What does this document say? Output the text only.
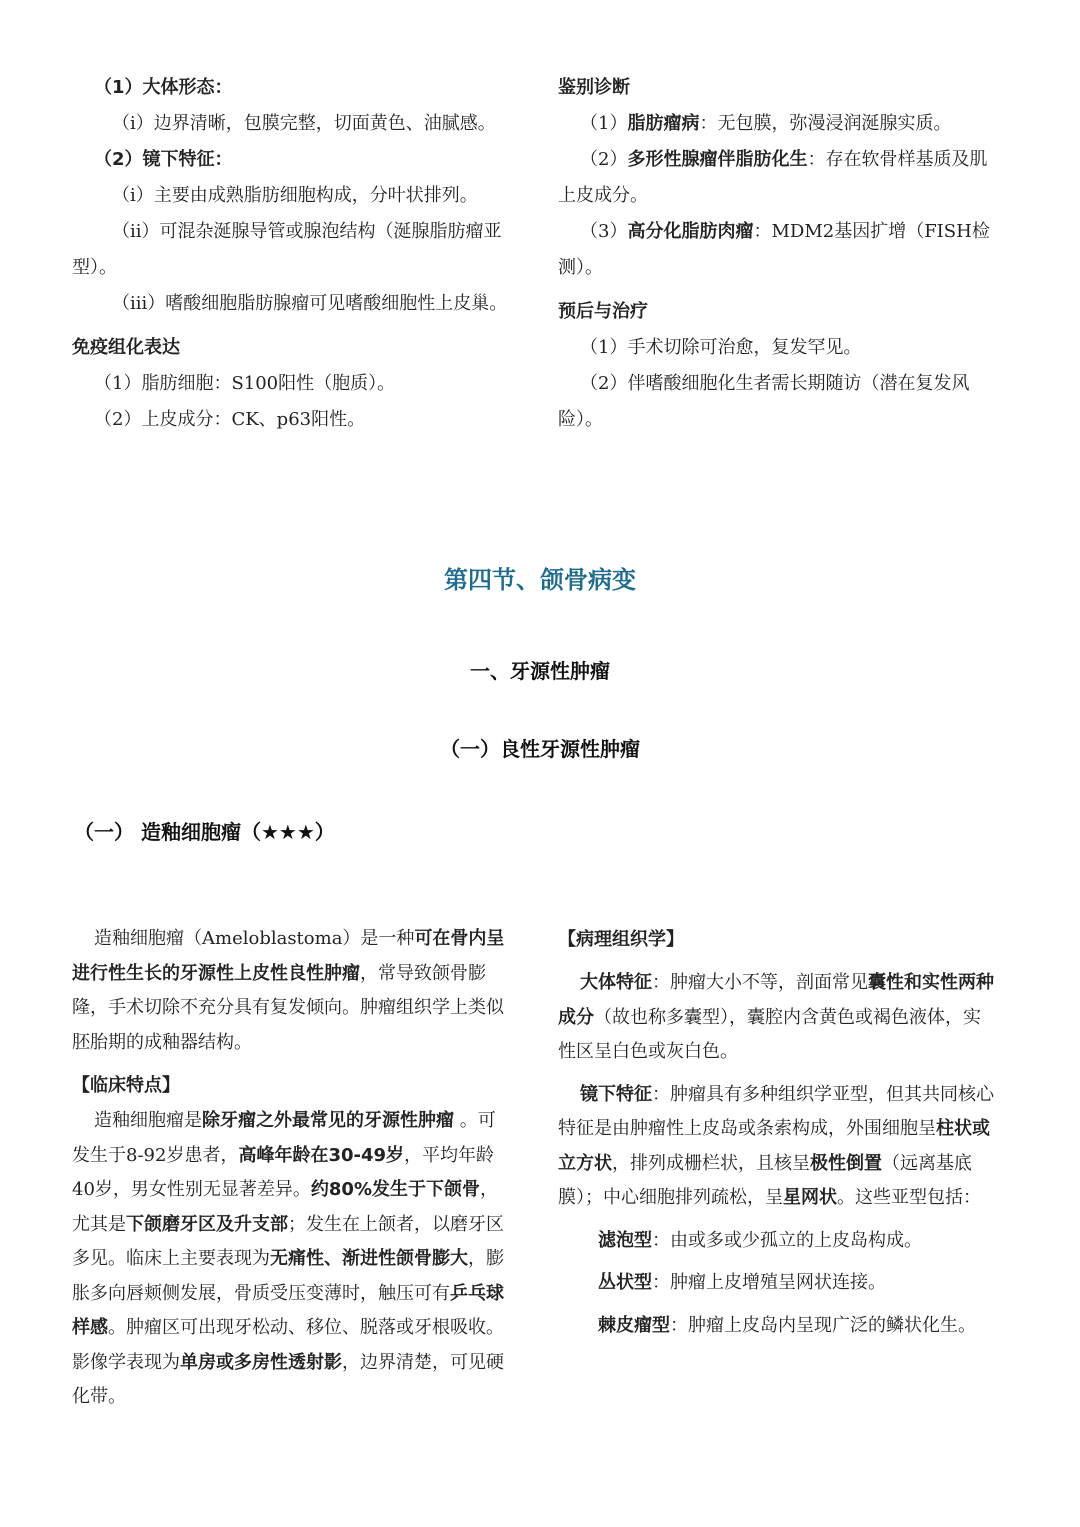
（1）大体形态：

（i）边界清晰，包膜完整，切面黄色、油腻感。

（2）镜下特征：

（i）主要由成熟脂肪细胞构成，分叶状排列。

（ii）可混杂涎腺导管或腺泡结构（涎腺脂肪瘤亚型）。

（iii）嗜酸细胞脂肪腺瘤可见嗜酸细胞性上皮巢。

免疫组化表达

（1）脂肪细胞：S100阳性（胞质）。

（2）上皮成分：CK、p63阳性。

鉴别诊断

（1）脂肪瘤病：无包膜，弥漫浸润涎腺实质。

（2）多形性腺瘤伴脂肪化生：存在软骨样基质及肌上皮成分。

（3）高分化脂肪肉瘤：MDM2基因扩增（FISH检测）。

预后与治疗

（1）手术切除可治愈，复发罕见。

（2）伴嗜酸细胞化生者需长期随访（潜在复发风险）。

第四节、颌骨病变
一、牙源性肿瘤
（一）良性牙源性肿瘤
（一） 造釉细胞瘤（★★★）

造釉细胞瘤（Ameloblastoma）是一种可在骨内呈进行性生长的牙源性上皮性良性肿瘤，常导致颌骨膨隆，手术切除不充分具有复发倾向。肿瘤组织学上类似胚胎期的成釉器结构。

【临床特点】

造釉细胞瘤是除牙瘤之外最常见的牙源性肿瘤 。可发生于8-92岁患者，高峰年龄在30-49岁，平均年龄40岁，男女性别无显著差异。约80%发生于下颌骨，尤其是下颌磨牙区及升支部；发生在上颌者，以磨牙区多见。临床上主要表现为无痛性、渐进性颌骨膨大，膨胀多向唇颊侧发展，骨质受压变薄时，触压可有乒乓球样感。肿瘤区可出现牙松动、移位、脱落或牙根吸收。影像学表现为单房或多房性透射影，边界清楚，可见硬化带。

【病理组织学】

大体特征：肿瘤大小不等，剖面常见囊性和实性两种成分（故也称多囊型），囊腔内含黄色或褐色液体，实性区呈白色或灰白色。

镜下特征：肿瘤具有多种组织学亚型，但其共同核心特征是由肿瘤性上皮岛或条索构成，外围细胞呈柱状或立方状，排列成栅栏状，且核呈极性倒置（远离基底膜）；中心细胞排列疏松，呈星网状。这些亚型包括：

滤泡型：由或多或少孤立的上皮岛构成。

丛状型：肿瘤上皮增殖呈网状连接。

棘皮瘤型：肿瘤上皮岛内呈现广泛的鳞状化生。
